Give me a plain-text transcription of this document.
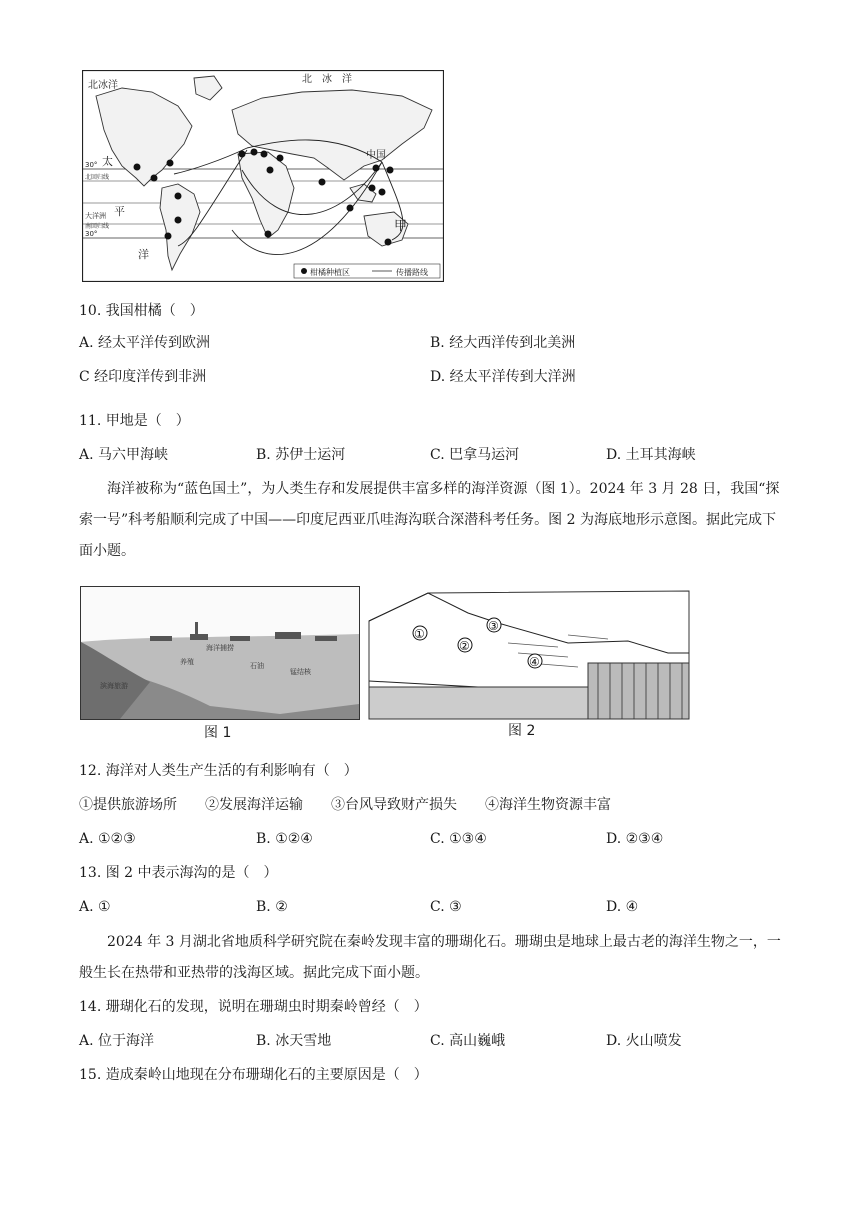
北冰洋
北　冰　洋
30° 太
北回归线
大洋洲 平
南回归线
30°
洋
中国
甲
柑橘种植区	传播路线
10. 我国柑橘（　）
A. 经太平洋传到欧洲	B. 经大西洋传到北美洲
C 经印度洋传到非洲	D. 经太平洋传到大洋洲
11. 甲地是（　）
A. 马六甲海峡	B. 苏伊士运河	C. 巴拿马运河	D. 土耳其海峡
海洋被称为“蓝色国土”，为人类生存和发展提供丰富多样的海洋资源（图 1）。2024 年 3 月 28 日，我国“探索一号”科考船顺利完成了中国——印度尼西亚爪哇海沟联合深潜科考任务。图 2 为海底地形示意图。据此完成下面小题。
海洋捕捞
养殖	石油
锰结核
滨海旅游
图 1
①
②
③
④
图 2
12. 海洋对人类生产生活的有利影响有（　）
①提供旅游场所　　②发展海洋运输　　③台风导致财产损失　　④海洋生物资源丰富
A. ①②③	B. ①②④	C. ①③④	D. ②③④
13. 图 2 中表示海沟的是（　）
A. ①	B. ②	C. ③	D. ④
2024 年 3 月湖北省地质科学研究院在秦岭发现丰富的珊瑚化石。珊瑚虫是地球上最古老的海洋生物之一，一般生长在热带和亚热带的浅海区域。据此完成下面小题。
14. 珊瑚化石的发现，说明在珊瑚虫时期秦岭曾经（　）
A. 位于海洋	B. 冰天雪地	C. 高山巍峨	D. 火山喷发
15. 造成秦岭山地现在分布珊瑚化石的主要原因是（　）
